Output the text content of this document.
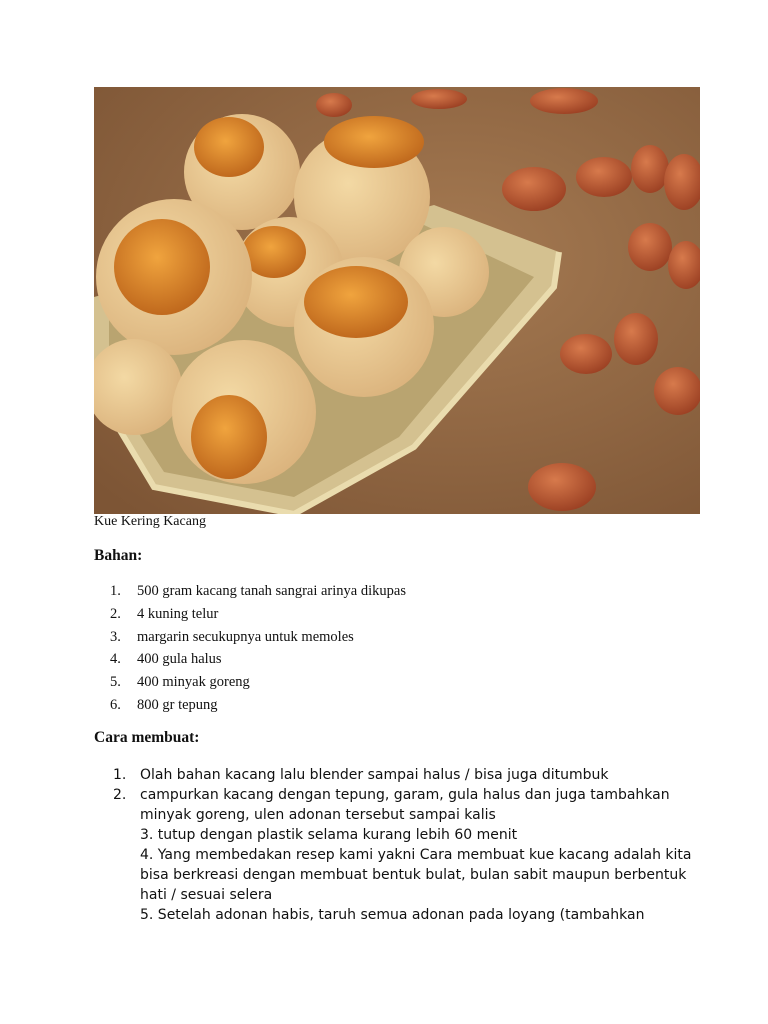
Kue Kering Kacang
Bahan:
1. 500 gram kacang tanah sangrai arinya dikupas
2. 4 kuning telur
3. margarin secukupnya untuk memoles
4. 400 gula halus
5. 400 minyak goreng
6. 800 gr tepung
Cara membuat:
1. Olah bahan kacang lalu blender sampai halus / bisa juga ditumbuk
2. campurkan kacang dengan tepung, garam, gula halus dan juga tambahkan minyak goreng, ulen adonan tersebut sampai kalis
3. tutup dengan plastik selama kurang lebih 60 menit
4. Yang membedakan resep kami yakni Cara membuat kue kacang adalah kita bisa berkreasi dengan membuat bentuk bulat, bulan sabit maupun berbentuk hati / sesuai selera
5. Setelah adonan habis, taruh semua adonan pada loyang (tambahkan
